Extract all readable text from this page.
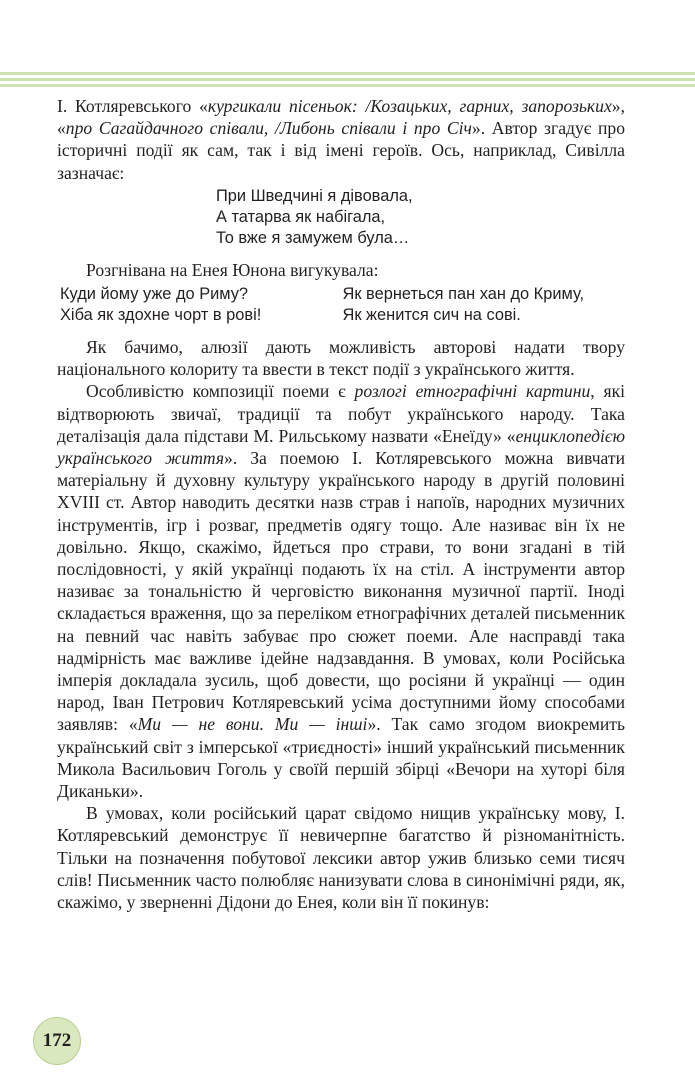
І. Котляревського «кургикали пісеньок: /Козацьких, гарних, запорозьких», «про Сагайдачного співали, /Либонь співали і про Січ». Автор згадує про історичні події як сам, так і від імені героїв. Ось, наприклад, Сивілла зазначає:

При Шведчині я дівовала,
А татарва як набігала,
То вже я замужем була…

Розгнівана на Енея Юнона вигукувала:

Куди йому уже до Риму?
Хіба як здохне чорт в ровi!
Як вернеться пан хан до Криму,
Як женится сич на сові.

Як бачимо, алюзії дають можливість авторові надати твору національного колориту та ввести в текст події з українського життя.

Особливістю композиції поеми є розлогі етнографічні картини, які відтворюють звичаї, традиції та побут українського народу. Така деталізація дала підстави М. Рильському назвати «Енеїду» «енциклопедією українського життя». За поемою І. Котляревського можна вивчати матеріальну й духовну культуру українського народу в другій половині XVIII ст. Автор наводить десятки назв страв і напоїв, народних музичних інструментів, ігр і розваг, предметів одягу тощо. Але називає він їх не довільно. Якщо, скажімо, йдеться про страви, то вони згадані в тій послідовності, у якій українці подають їх на стіл. А інструменти автор називає за тональністю й черговістю виконання музичної партії. Іноді складається враження, що за переліком етнографічних деталей письменник на певний час навіть забуває про сюжет поеми. Але насправді така надмірність має важливе ідейне надзавдання. В умовах, коли Російська імперія докладала зусиль, щоб довести, що росіяни й українці — один народ, Іван Петрович Котляревський усіма доступними йому способами заявляв: «Ми — не вони. Ми — інші». Так само згодом виокремить український світ з імперської «триєдності» інший український письменник Микола Васильович Гоголь у своїй першій збірці «Вечори на хуторі біля Диканьки».

В умовах, коли російський царат свідомо нищив українську мову, І. Котляревський демонструє її невичерпне багатство й різноманітність. Тільки на позначення побутової лексики автор ужив близько семи тисяч слів! Письменник часто полюбляє нанизувати слова в синонімічні ряди, як, скажімо, у зверненні Дідони до Енея, коли він її покинув:

172
